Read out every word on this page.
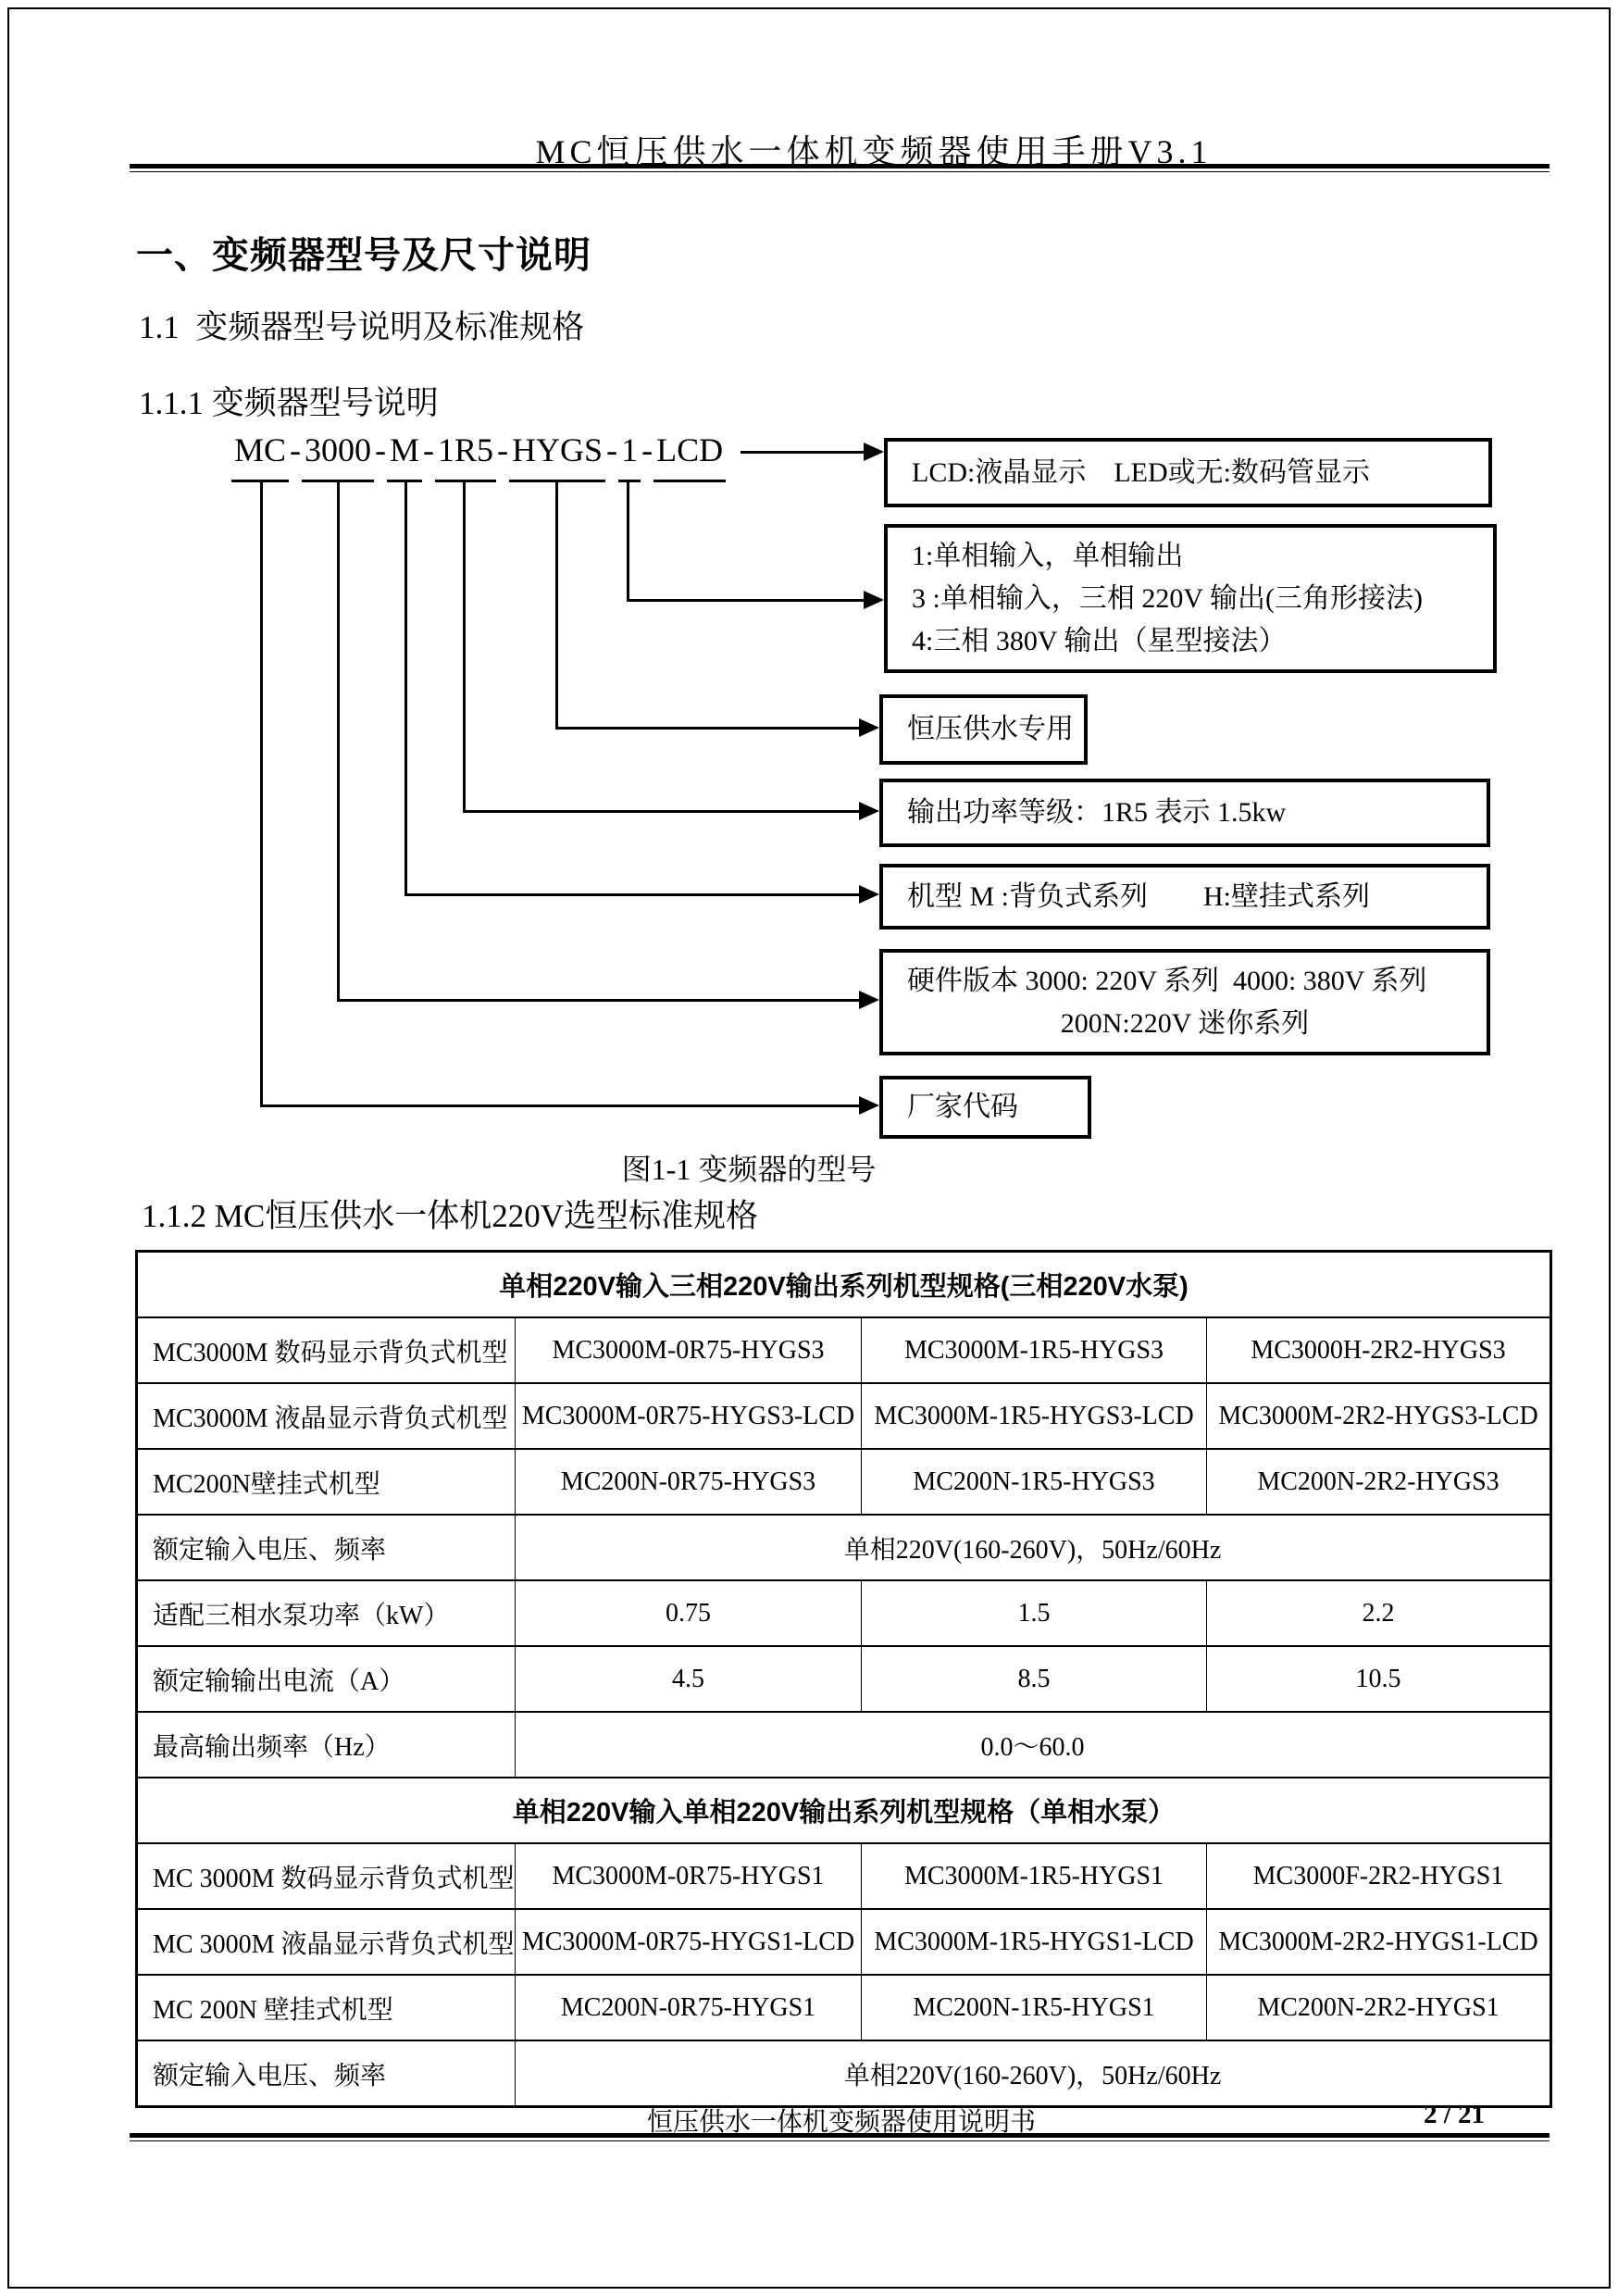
MC恒压供水一体机变频器使用手册V3.1
一、变频器型号及尺寸说明
1.1  变频器型号说明及标准规格
1.1.1 变频器型号说明
MC - 3000 - M - 1R5 - HYGS - 1 - LCD
LCD:液晶显示　LED或无:数码管显示
1:单相输入，单相输出
3 :单相输入，三相 220V 输出(三角形接法)
4:三相 380V 输出（星型接法）
恒压供水专用
输出功率等级：1R5 表示 1.5kw
机型 M :背负式系列　　H:壁挂式系列
硬件版本 3000: 220V 系列  4000: 380V 系列
200N:220V 迷你系列
厂家代码
图1-1 变频器的型号
1.1.2 MC恒压供水一体机220V选型标准规格
单相220V输入三相220V输出系列机型规格(三相220V水泵)			
MC3000M 数码显示背负式机型	MC3000M-0R75-HYGS3	MC3000M-1R5-HYGS3	MC3000H-2R2-HYGS3
MC3000M 液晶显示背负式机型	MC3000M-0R75-HYGS3-LCD	MC3000M-1R5-HYGS3-LCD	MC3000M-2R2-HYGS3-LCD
MC200N壁挂式机型	MC200N-0R75-HYGS3	MC200N-1R5-HYGS3	MC200N-2R2-HYGS3
额定输入电压、频率	单相220V(160-260V)，50Hz/60Hz		
适配三相水泵功率（kW）	0.75	1.5	2.2
额定输输出电流（A）	4.5	8.5	10.5
最高输出频率（Hz）	0.0～60.0		
单相220V输入单相220V输出系列机型规格（单相水泵）			
MC 3000M 数码显示背负式机型	MC3000M-0R75-HYGS1	MC3000M-1R5-HYGS1	MC3000F-2R2-HYGS1
MC 3000M 液晶显示背负式机型	MC3000M-0R75-HYGS1-LCD	MC3000M-1R5-HYGS1-LCD	MC3000M-2R2-HYGS1-LCD
MC 200N 壁挂式机型	MC200N-0R75-HYGS1	MC200N-1R5-HYGS1	MC200N-2R2-HYGS1
额定输入电压、频率	单相220V(160-260V)，50Hz/60Hz		
恒压供水一体机变频器使用说明书	2 / 21
